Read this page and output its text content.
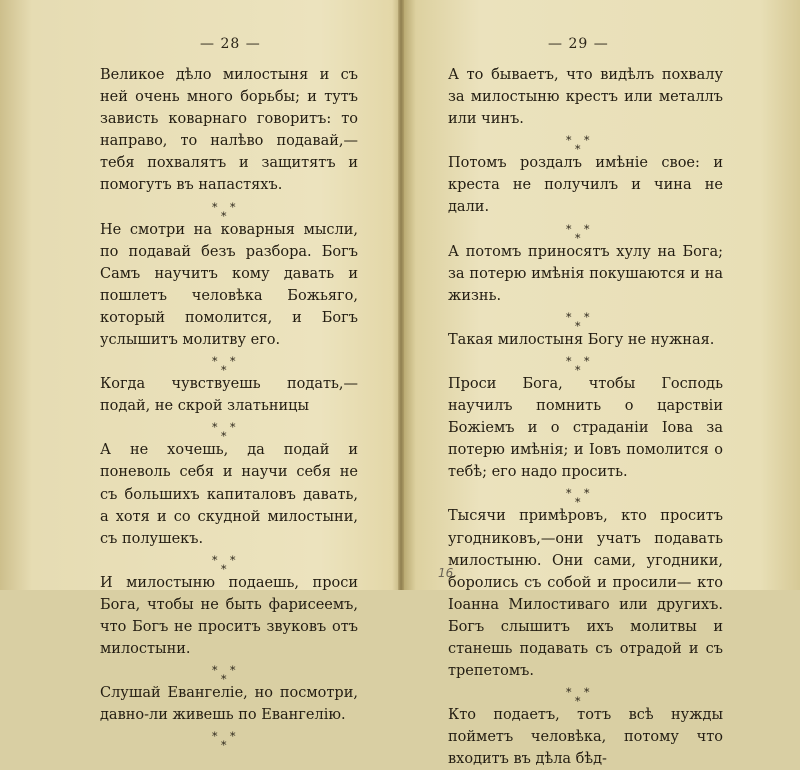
— 28 —

Великое дѣло милостыня и съ ней очень много борьбы; и тутъ зависть коварнаго говоритъ: то направо, то налѣво подавай,—тебя похвалятъ и защитятъ и помогутъ въ напастяхъ.

* *
*

Не смотри на коварныя мысли, по подавай безъ разбора. Богъ Самъ научитъ кому давать и пошлетъ человѣка Божьяго, который помолится, и Богъ услышитъ молитву его.

* *
*

Когда чувствуешь подать,—подай, не скрой златьницы

* *
*

А не хочешь, да подай и поневоль себя и научи себя не съ большихъ капиталовъ давать, а хотя и со скудной милостыни, съ полушекъ.

* *
*

И милостыню подаешь, проси Бога, чтобы не быть фарисеемъ, что Богъ не проситъ звуковъ отъ милостыни.

* *
*

Слушай Евангеліе, но посмотри, давно-ли живешь по Евангелію.

* *
*
— 29 —

А то бываетъ, что видѣлъ похвалу за милостыню крестъ или металлъ или чинъ.

* *
*

Потомъ роздалъ имѣніе свое: и креста не получилъ и чина не дали.

* *
*

А потомъ приносятъ хулу на Бога; за потерю имѣнія покушаются и на жизнь.

* *
*

Такая милостыня Богу не нужная.

* *
*

Проси Бога, чтобы Господь научилъ помнить о царствіи Божіемъ и о страданіи Іова за потерю имѣнія; и Іовъ помолится о тебѣ; его надо просить.

* *
*

Тысячи примѣровъ, кто проситъ угодниковъ,—они учатъ подавать милостыню. Они сами, угодники, боролись съ собой и просили— кто Іоанна Милостиваго или другихъ. Богъ слышитъ ихъ молитвы и станешь подавать съ отрадой и съ трепетомъ.

* *
*

Кто подаетъ, тотъ всѣ нужды пойметъ человѣка, потому что входитъ въ дѣла бѣд-

16
